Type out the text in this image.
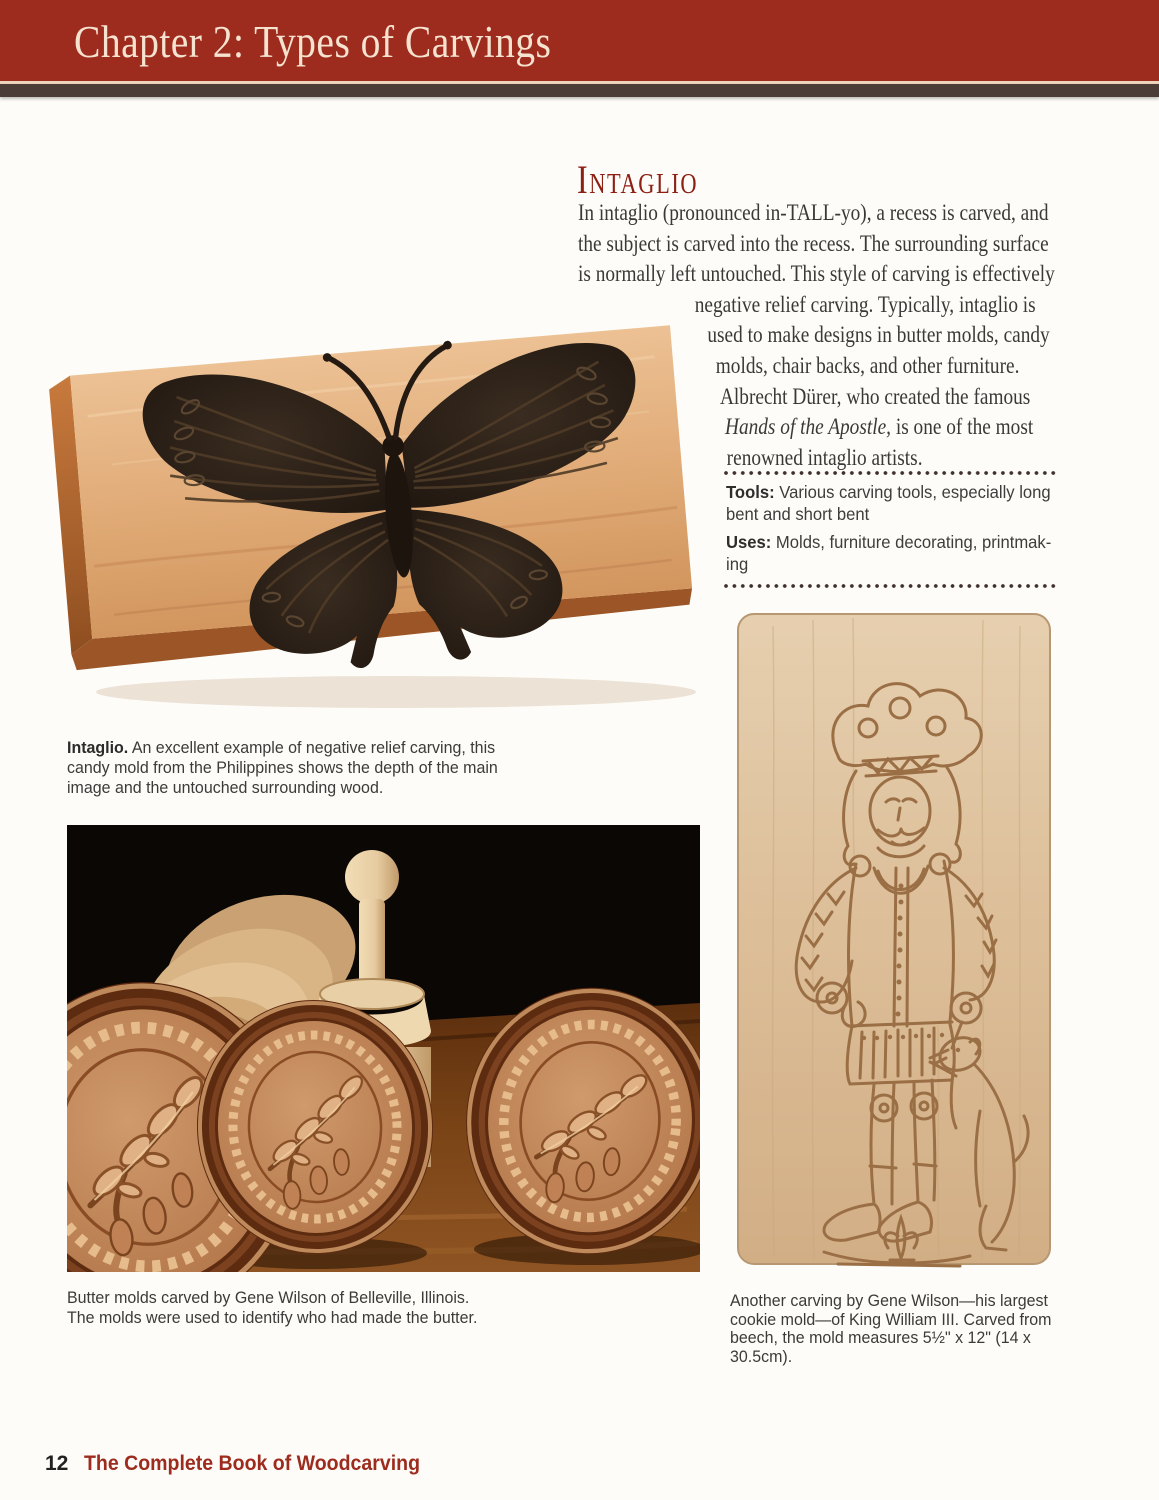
Chapter 2: Types of Carvings
Intaglio
In intaglio (pronounced in-TALL-yo), a recess is carved, and
the subject is carved into the recess. The surrounding surface
is normally left untouched. This style of carving is effectively
negative relief carving. Typically, intaglio is
used to make designs in butter molds, candy
molds, chair backs, and other furniture.
Albrecht Dürer, who created the famous
Hands of the Apostle, is one of the most
renowned intaglio artists.
Tools: Various carving tools, especially long
bent and short bent
Uses: Molds, furniture decorating, printmak-
ing
Intaglio. An excellent example of negative relief carving, this
candy mold from the Philippines shows the depth of the main
image and the untouched surrounding wood.
Butter molds carved by Gene Wilson of Belleville, Illinois.
The molds were used to identify who had made the butter.
Another carving by Gene Wilson—his largest
cookie mold—of King William III. Carved from
beech, the mold measures 5½" x 12" (14 x
30.5cm).
12 The Complete Book of Woodcarving
